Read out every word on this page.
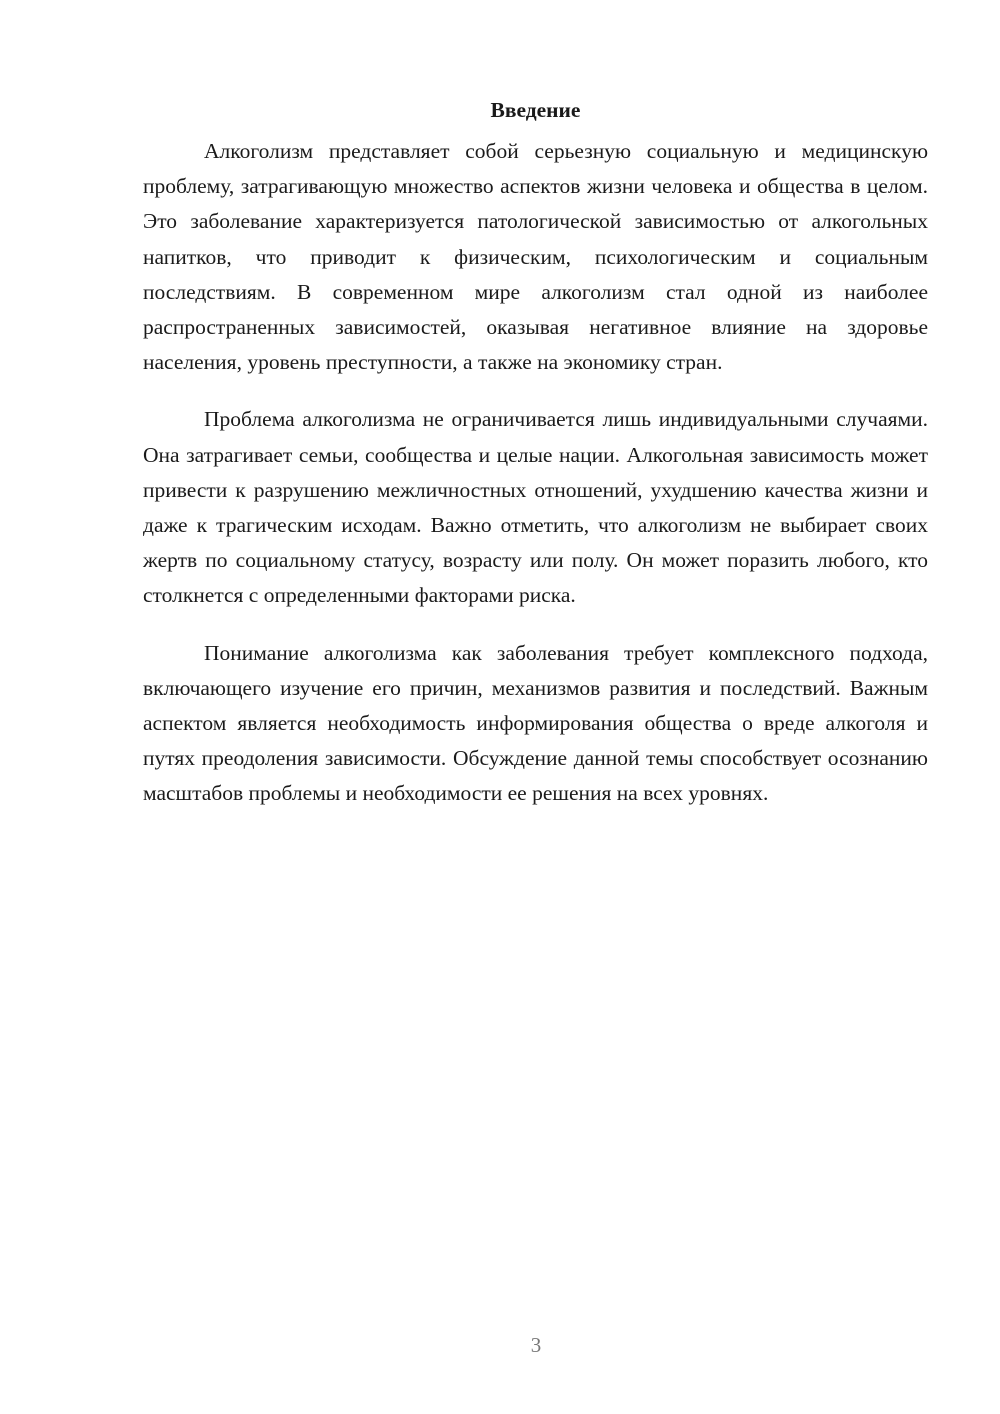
Введение

Алкоголизм представляет собой серьезную социальную и медицинскую проблему, затрагивающую множество аспектов жизни человека и общества в целом. Это заболевание характеризуется патологической зависимостью от алкогольных напитков, что приводит к физическим, психологическим и социальным последствиям. В современном мире алкоголизм стал одной из наиболее распространенных зависимостей, оказывая негативное влияние на здоровье населения, уровень преступности, а также на экономику стран.

Проблема алкоголизма не ограничивается лишь индивидуальными случаями. Она затрагивает семьи, сообщества и целые нации. Алкогольная зависимость может привести к разрушению межличностных отношений, ухудшению качества жизни и даже к трагическим исходам. Важно отметить, что алкоголизм не выбирает своих жертв по социальному статусу, возрасту или полу. Он может поразить любого, кто столкнется с определенными факторами риска.

Понимание алкоголизма как заболевания требует комплексного подхода, включающего изучение его причин, механизмов развития и последствий. Важным аспектом является необходимость информирования общества о вреде алкоголя и путях преодоления зависимости. Обсуждение данной темы способствует осознанию масштабов проблемы и необходимости ее решения на всех уровнях.

3
